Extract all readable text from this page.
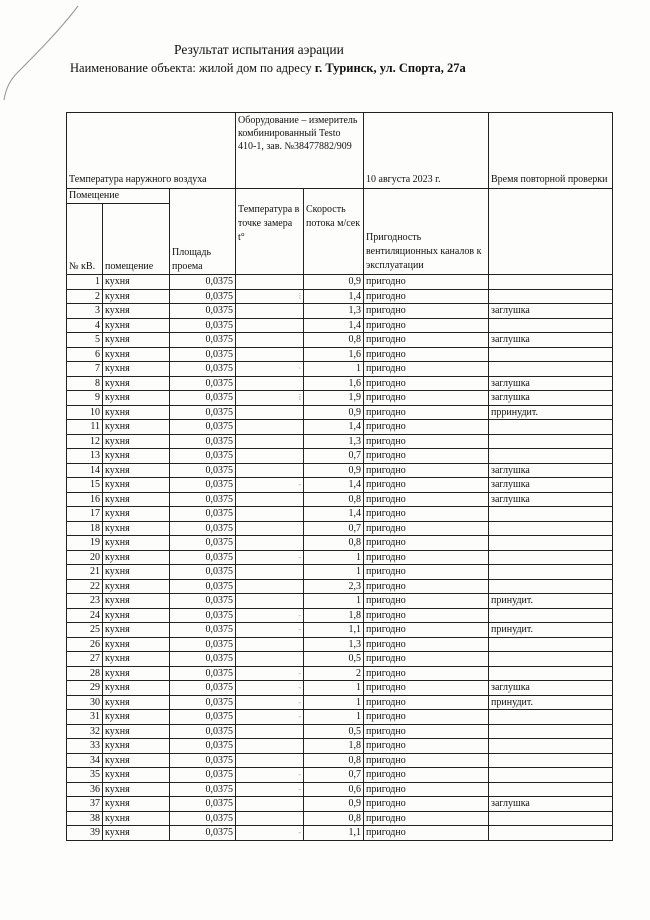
Результат испытания аэрации
Наименование объекта: жилой дом по адресу г. Туринск, ул. Спорта, 27а
Температура наружного воздуха			Оборудование – измеритель комбинированный Testo 410-1, зав. №38477882/909		10 августа 2023 г.	Время повторной проверки
Помещение						
№ кВ.	помещение	Площадь проема	Температура в точке замера t°	Скорость потока м/сек	Пригодность вентиляционных каналов к эксплуатации	
1	кухня	0,0375		0,9	пригодно	
2	кухня	0,0375	⁞	1,4	пригодно	
3	кухня	0,0375		1,3	пригодно	заглушка
4	кухня	0,0375		1,4	пригодно	
5	кухня	0,0375		0,8	пригодно	заглушка
6	кухня	0,0375		1,6	пригодно	
7	кухня	0,0375	·	1	пригодно	
8	кухня	0,0375		1,6	пригодно	заглушка
9	кухня	0,0375	⁞	1,9	пригодно	заглушка
10	кухня	0,0375		0,9	пригодно	прринудит.
11	кухня	0,0375		1,4	пригодно	
12	кухня	0,0375		1,3	пригодно	
13	кухня	0,0375		0,7	пригодно	
14	кухня	0,0375		0,9	пригодно	заглушка
15	кухня	0,0375	-	1,4	пригодно	заглушка
16	кухня	0,0375		0,8	пригодно	заглушка
17	кухня	0,0375		1,4	пригодно	
18	кухня	0,0375		0,7	пригодно	
19	кухня	0,0375		0,8	пригодно	
20	кухня	0,0375	-	1	пригодно	
21	кухня	0,0375		1	пригодно	
22	кухня	0,0375		2,3	пригодно	
23	кухня	0,0375		1	пригодно	принудит.
24	кухня	0,0375	-	1,8	пригодно	
25	кухня	0,0375	-	1,1	пригодно	принудит.
26	кухня	0,0375		1,3	пригодно	
27	кухня	0,0375		0,5	пригодно	
28	кухня	0,0375	-	2	пригодно	
29	кухня	0,0375	-	1	пригодно	заглушка
30	кухня	0,0375	-	1	пригодно	принудит.
31	кухня	0,0375	-	1	пригодно	
32	кухня	0,0375		0,5	пригодно	
33	кухня	0,0375		1,8	пригодно	
34	кухня	0,0375		0,8	пригодно	
35	кухня	0,0375	-	0,7	пригодно	
36	кухня	0,0375	-	0,6	пригодно	
37	кухня	0,0375		0,9	пригодно	заглушка
38	кухня	0,0375		0,8	пригодно	
39	кухня	0,0375	-	1,1	пригодно	
